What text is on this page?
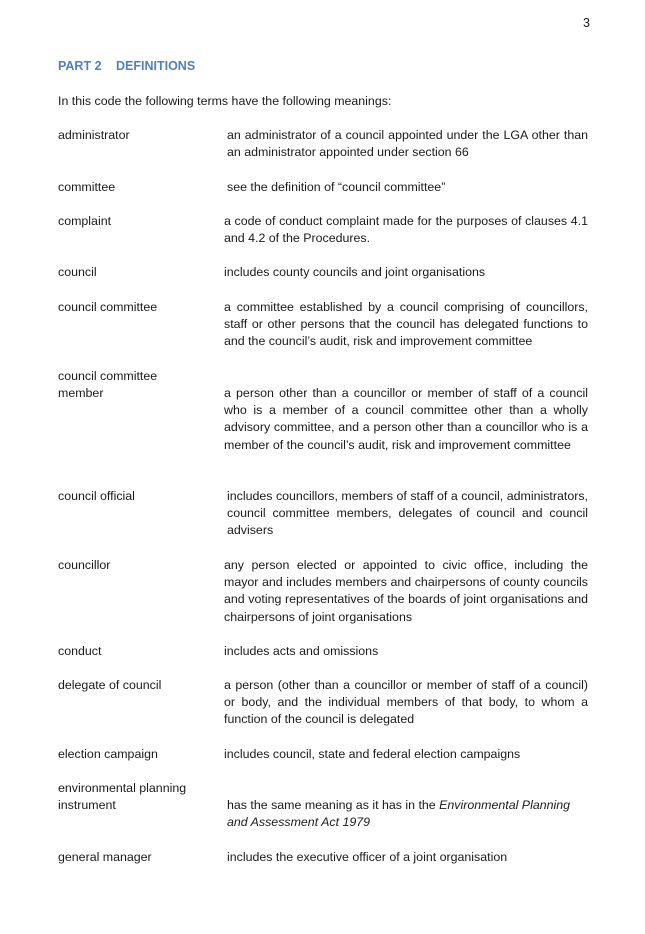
3
PART 2 DEFINITIONS
In this code the following terms have the following meanings:
administrator	an administrator of a council appointed under the LGA other than an administrator appointed under section 66
committee	see the definition of “council committee”
complaint	a code of conduct complaint made for the purposes of clauses 4.1 and 4.2 of the Procedures.
council	includes county councils and joint organisations
council committee	a committee established by a council comprising of councillors, staff or other persons that the council has delegated functions to and the council’s audit, risk and improvement committee
council committee member	a person other than a councillor or member of staff of a council who is a member of a council committee other than a wholly advisory committee, and a person other than a councillor who is a member of the council’s audit, risk and improvement committee
council official	includes councillors, members of staff of a council, administrators, council committee members, delegates of council and council advisers
councillor	any person elected or appointed to civic office, including the mayor and includes members and chairpersons of county councils and voting representatives of the boards of joint organisations and chairpersons of joint organisations
conduct	includes acts and omissions
delegate of council	a person (other than a councillor or member of staff of a council) or body, and the individual members of that body, to whom a function of the council is delegated
election campaign	includes council, state and federal election campaigns
environmental planning instrument	has the same meaning as it has in the Environmental Planning and Assessment Act 1979
general manager	includes the executive officer of a joint organisation
